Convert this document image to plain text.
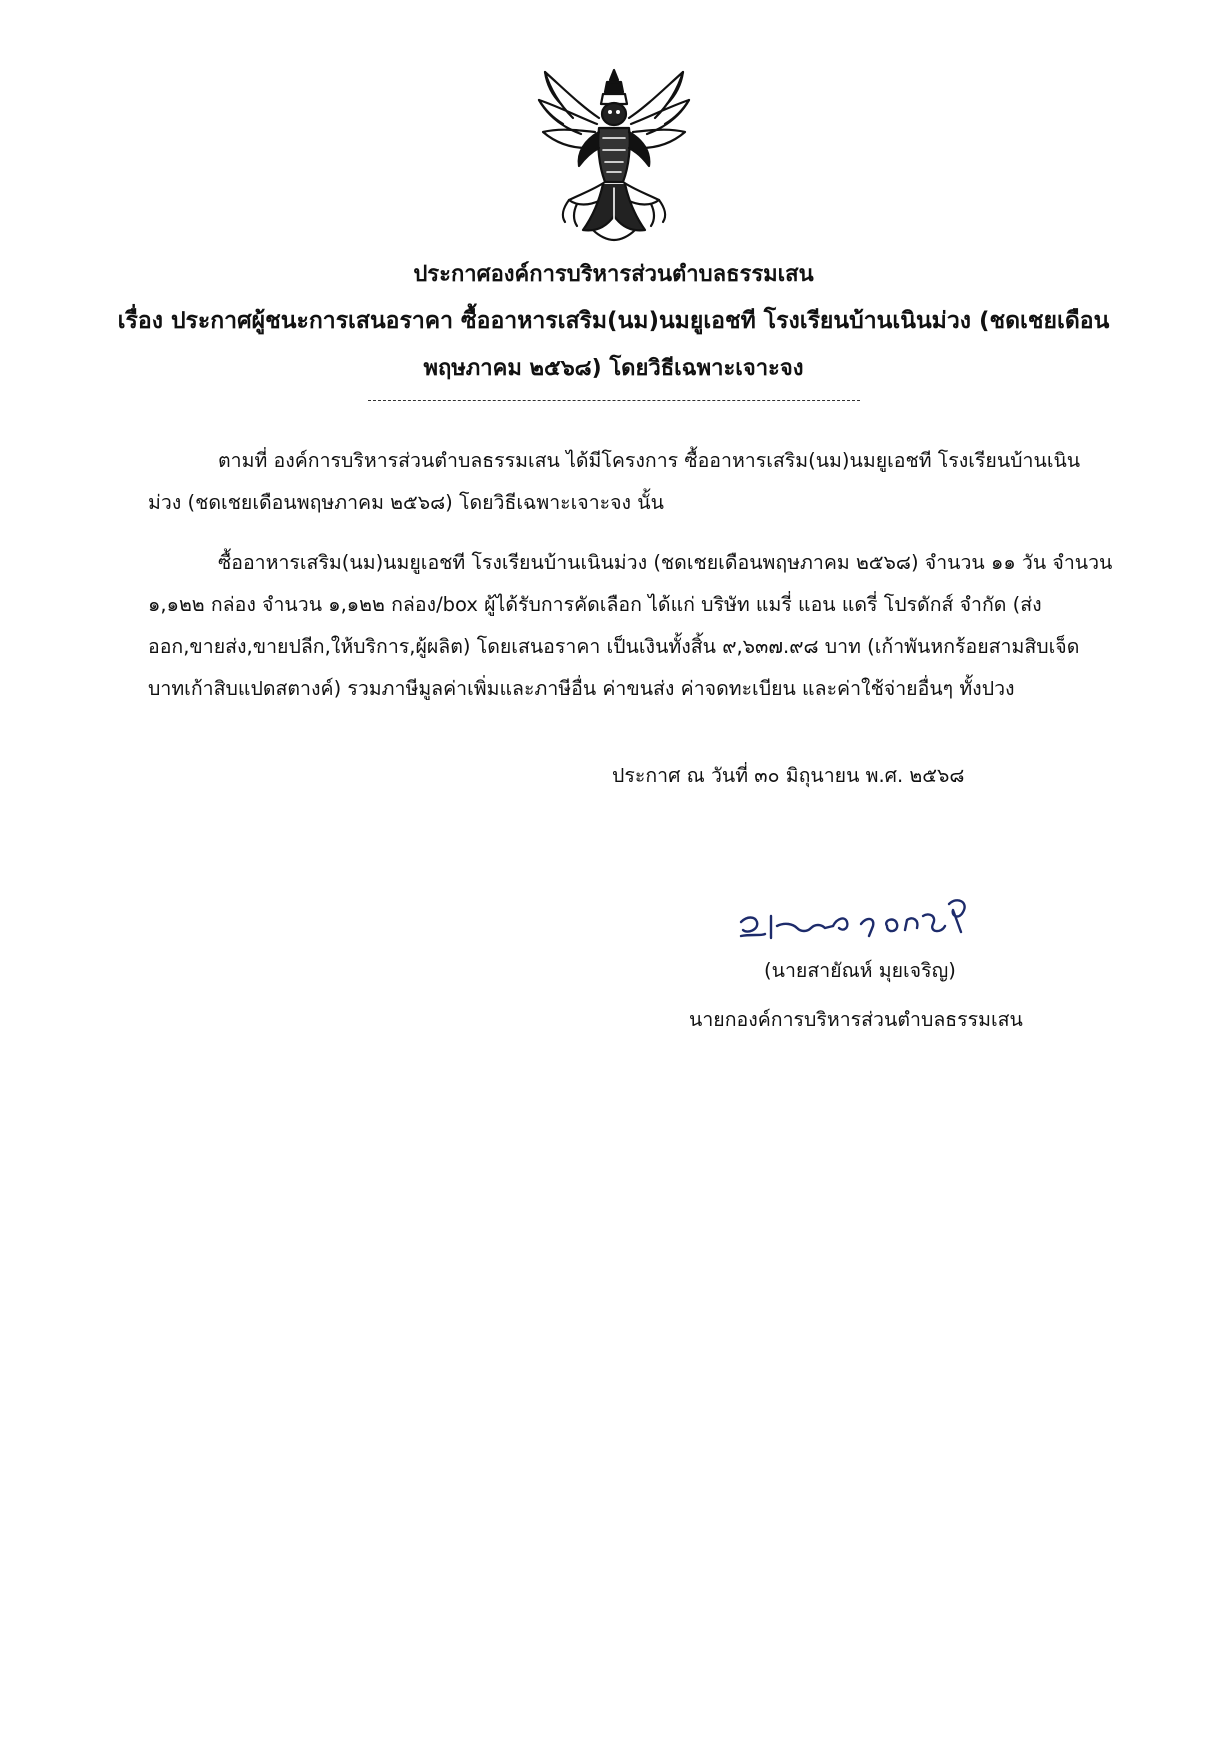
ประกาศองค์การบริหารส่วนตำบลธรรมเสน
เรื่อง ประกาศผู้ชนะการเสนอราคา ซื้ออาหารเสริม(นม)นมยูเอชที โรงเรียนบ้านเนินม่วง (ชดเชยเดือน
พฤษภาคม ๒๕๖๘) โดยวิธีเฉพาะเจาะจง
ตามที่ องค์การบริหารส่วนตำบลธรรมเสน ได้มีโครงการ ซื้ออาหารเสริม(นม)นมยูเอชที โรงเรียนบ้านเนินม่วง (ชดเชยเดือนพฤษภาคม ๒๕๖๘) โดยวิธีเฉพาะเจาะจง นั้น
ซื้ออาหารเสริม(นม)นมยูเอชที โรงเรียนบ้านเนินม่วง (ชดเชยเดือนพฤษภาคม ๒๕๖๘) จำนวน ๑๑ วัน จำนวน ๑,๑๒๒ กล่อง จำนวน ๑,๑๒๒ กล่อง/box ผู้ได้รับการคัดเลือก ได้แก่ บริษัท แมรี่ แอน แดรี่ โปรดักส์ จำกัด (ส่งออก,ขายส่ง,ขายปลีก,ให้บริการ,ผู้ผลิต) โดยเสนอราคา เป็นเงินทั้งสิ้น ๙,๖๓๗.๙๘ บาท (เก้าพันหกร้อยสามสิบเจ็ดบาทเก้าสิบแปดสตางค์) รวมภาษีมูลค่าเพิ่มและภาษีอื่น ค่าขนส่ง ค่าจดทะเบียน และค่าใช้จ่ายอื่นๆ ทั้งปวง
ประกาศ ณ วันที่ ๓๐ มิถุนายน พ.ศ. ๒๕๖๘
(นายสายัณห์ มุยเจริญ)
นายกองค์การบริหารส่วนตำบลธรรมเสน
